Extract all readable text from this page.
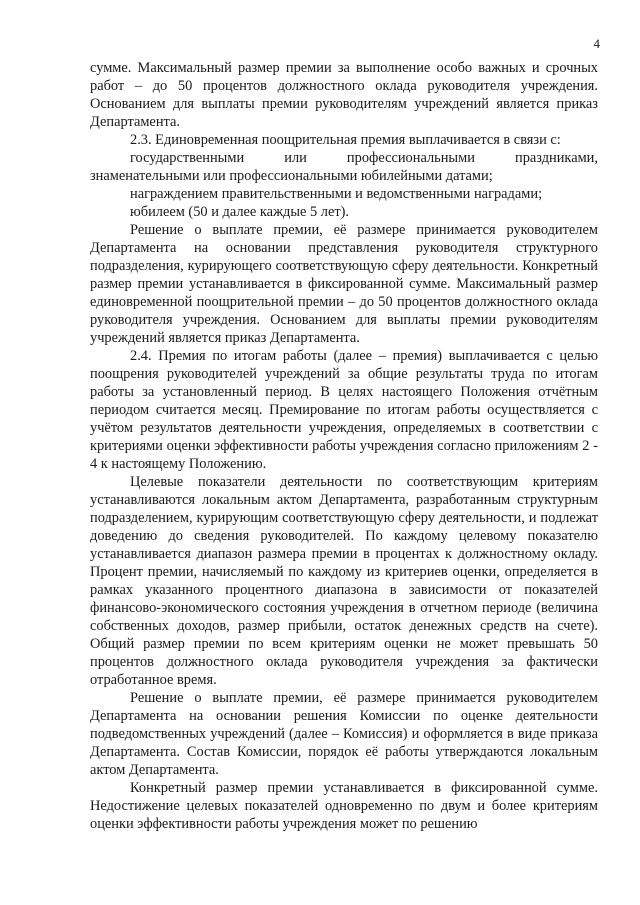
4

сумме. Максимальный размер премии за выполнение особо важных и срочных работ – до 50 процентов должностного оклада руководителя учреждения. Основанием для выплаты премии руководителям учреждений является приказ Департамента.

2.3. Единовременная поощрительная премия выплачивается в связи с:

государственными или профессиональными праздниками, знаменательными или профессиональными юбилейными датами;

награждением правительственными и ведомственными наградами;

юбилеем (50 и далее каждые 5 лет).

Решение о выплате премии, её размере принимается руководителем Департамента на основании представления руководителя структурного подразделения, курирующего соответствующую сферу деятельности. Конкретный размер премии устанавливается в фиксированной сумме. Максимальный размер единовременной поощрительной премии – до 50 процентов должностного оклада руководителя учреждения. Основанием для выплаты премии руководителям учреждений является приказ Департамента.

2.4. Премия по итогам работы (далее – премия) выплачивается с целью поощрения руководителей учреждений за общие результаты труда по итогам работы за установленный период. В целях настоящего Положения отчётным периодом считается месяц. Премирование по итогам работы осуществляется с учётом результатов деятельности учреждения, определяемых в соответствии с критериями оценки эффективности работы учреждения согласно приложениям 2 - 4 к настоящему Положению.

Целевые показатели деятельности по соответствующим критериям устанавливаются локальным актом Департамента, разработанным структурным подразделением, курирующим соответствующую сферу деятельности, и подлежат доведению до сведения руководителей. По каждому целевому показателю устанавливается диапазон размера премии в процентах к должностному окладу. Процент премии, начисляемый по каждому из критериев оценки, определяется в рамках указанного процентного диапазона в зависимости от показателей финансово-экономического состояния учреждения в отчетном периоде (величина собственных доходов, размер прибыли, остаток денежных средств на счете). Общий размер премии по всем критериям оценки не может превышать 50 процентов должностного оклада руководителя учреждения за фактически отработанное время.

Решение о выплате премии, её размере принимается руководителем Департамента на основании решения Комиссии по оценке деятельности подведомственных учреждений (далее – Комиссия) и оформляется в виде приказа Департамента. Состав Комиссии, порядок её работы утверждаются локальным актом Департамента.

Конкретный размер премии устанавливается в фиксированной сумме. Недостижение целевых показателей одновременно по двум и более критериям оценки эффективности работы учреждения может по решению
